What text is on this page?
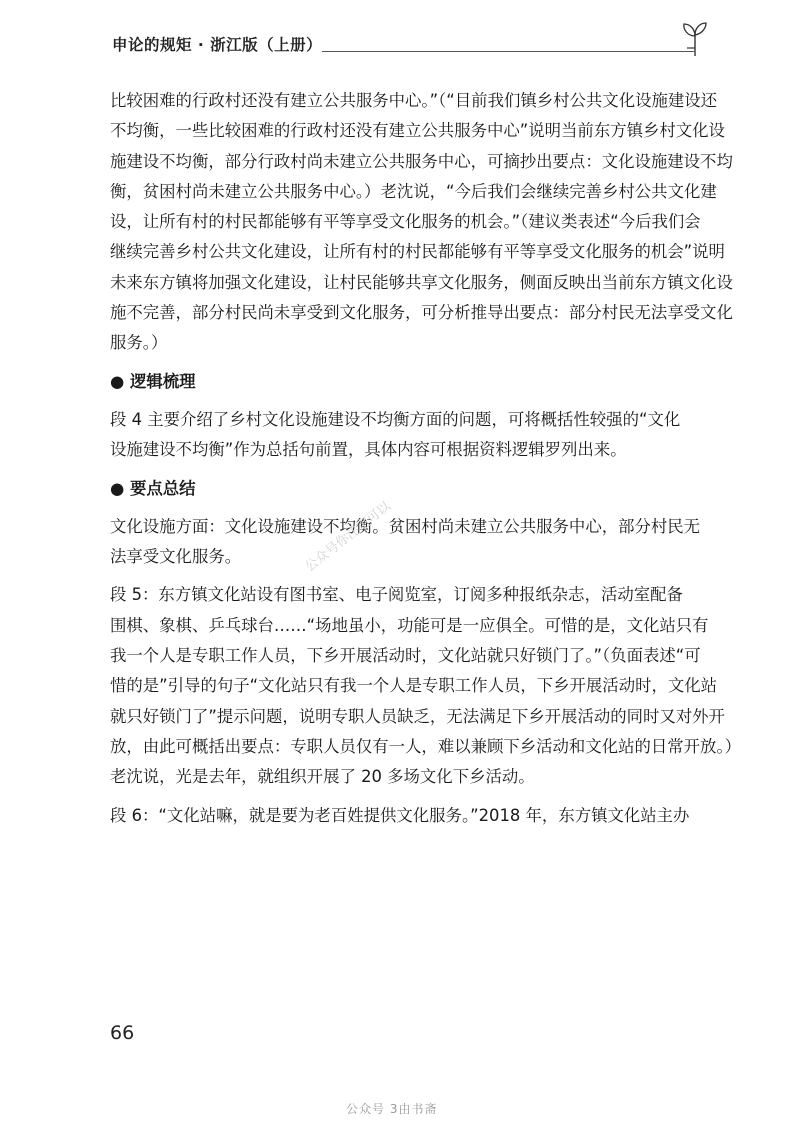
申论的规矩 · 浙江版（上册）
比较困难的行政村还没有建立公共服务中心。”（“目前我们镇乡村公共文化设施建设还
不均衡，一些比较困难的行政村还没有建立公共服务中心”说明当前东方镇乡村文化设
施建设不均衡，部分行政村尚未建立公共服务中心，可摘抄出要点：文化设施建设不均
衡，贫困村尚未建立公共服务中心。）老沈说，“今后我们会继续完善乡村公共文化建
设，让所有村的村民都能够有平等享受文化服务的机会。”（建议类表述“今后我们会
继续完善乡村公共文化建设，让所有村的村民都能够有平等享受文化服务的机会”说明
未来东方镇将加强文化建设，让村民能够共享文化服务，侧面反映出当前东方镇文化设
施不完善，部分村民尚未享受到文化服务，可分析推导出要点：部分村民无法享受文化
服务。）
● 逻辑梳理
段 4 主要介绍了乡村文化设施建设不均衡方面的问题，可将概括性较强的“文化
设施建设不均衡”作为总括句前置，具体内容可根据资料逻辑罗列出来。
● 要点总结
文化设施方面：文化设施建设不均衡。贫困村尚未建立公共服务中心，部分村民无
法享受文化服务。
段 5：东方镇文化站设有图书室、电子阅览室，订阅多种报纸杂志，活动室配备
围棋、象棋、乒乓球台……“场地虽小，功能可是一应俱全。可惜的是，文化站只有
我一个人是专职工作人员，下乡开展活动时，文化站就只好锁门了。”（负面表述“可
惜的是”引导的句子“文化站只有我一个人是专职工作人员，下乡开展活动时，文化站
就只好锁门了”提示问题，说明专职人员缺乏，无法满足下乡开展活动的同时又对外开
放，由此可概括出要点：专职人员仅有一人，难以兼顾下乡活动和文化站的日常开放。）
老沈说，光是去年，就组织开展了 20 多场文化下乡活动。
段 6：“文化站嘛，就是要为老百姓提供文化服务。”2018 年，东方镇文化站主办
公众号你注定可以
66
公众号 3由书斋
